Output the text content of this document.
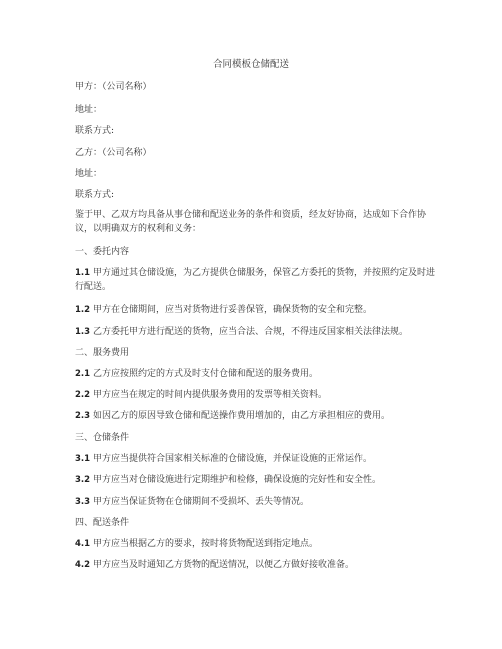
合同模板仓储配送
甲方：（公司名称）
地址：
联系方式:
乙方：（公司名称）
地址：
联系方式:
鉴于甲、乙双方均具备从事仓储和配送业务的条件和资质，经友好协商，达成如下合作协议，以明确双方的权利和义务：
一、委托内容
1.1 甲方通过其仓储设施，为乙方提供仓储服务，保管乙方委托的货物，并按照约定及时进行配送。
1.2 甲方在仓储期间，应当对货物进行妥善保管，确保货物的安全和完整。
1.3 乙方委托甲方进行配送的货物，应当合法、合规，不得违反国家相关法律法规。
二、服务费用
2.1 乙方应按照约定的方式及时支付仓储和配送的服务费用。
2.2 甲方应当在规定的时间内提供服务费用的发票等相关资料。
2.3 如因乙方的原因导致仓储和配送操作费用增加的，由乙方承担相应的费用。
三、仓储条件
3.1 甲方应当提供符合国家相关标准的仓储设施，并保证设施的正常运作。
3.2 甲方应当对仓储设施进行定期维护和检修，确保设施的完好性和安全性。
3.3 甲方应当保证货物在仓储期间不受损坏、丢失等情况。
四、配送条件
4.1 甲方应当根据乙方的要求，按时将货物配送到指定地点。
4.2 甲方应当及时通知乙方货物的配送情况，以便乙方做好接收准备。
